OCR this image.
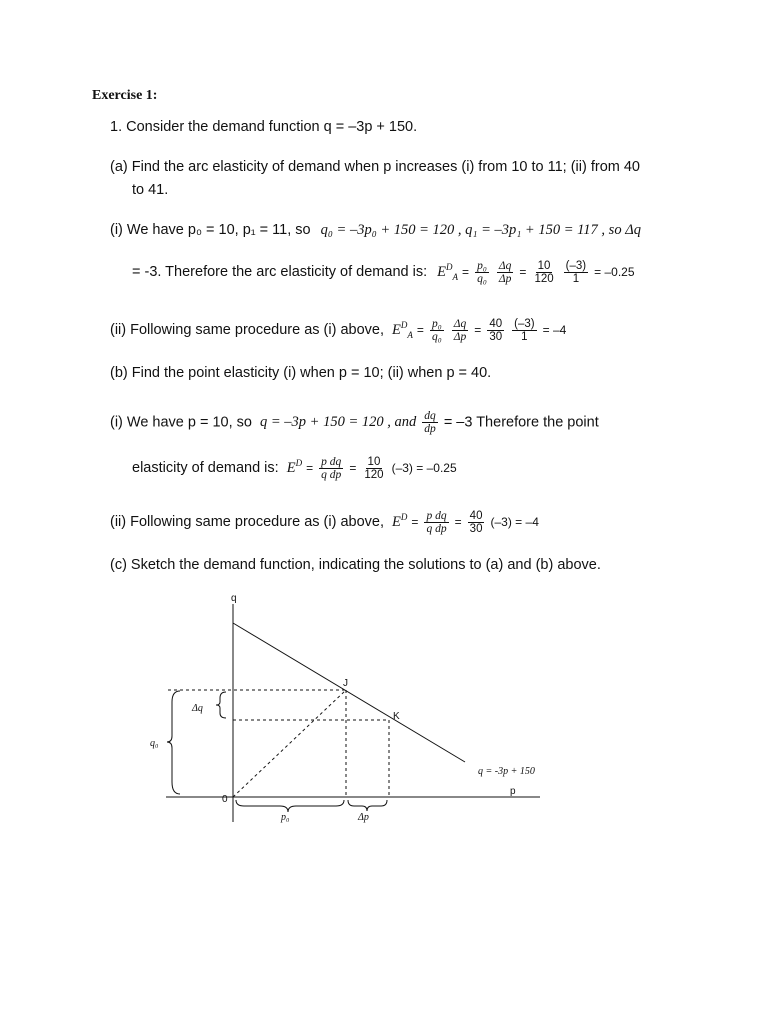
Exercise 1:
1. Consider the demand function q = –3p + 150.
(a) Find the arc elasticity of demand when p increases (i) from 10 to 11; (ii) from 40
to 41.
(i) We have p₀ = 10, p₁ = 11, so q₀ = –3p₀ + 150 = 120 , q₁ = –3p₁ + 150 = 117 , so Δq
= -3. Therefore the arc elasticity of demand is: $E^D_A = \frac{\text{p₀}}{\text{q₀}}$
$\frac{\Delta q}{\Delta p} = \frac{10}{120}$
$\frac{(-3)}{1} = -0.25$
(ii) Following same procedure as (i) above, $E^D_A = \frac{\text{p₀}}{\text{q₀}}$
$\frac{\Delta q}{\Delta p} = \frac{40}{30}$
$\frac{(-3)}{1} = -4$
(b) Find the point elasticity (i) when p = 10; (ii) when p = 40.
(i) We have p = 10, so q = –3p + 150 = 120 , and $\frac{dq}{dp} = -3$ Therefore the point
elasticity of demand is: $E^D = \frac{\text{p dq}}{\text{q dp}} = \frac{10}{120} (-3) = -0.25$
(ii) Following same procedure as (i) above, $E^D = \frac{\text{p dq}}{\text{q dp}} = \frac{40}{30} (-3) = -4$
(c) Sketch the demand function, indicating the solutions to (a) and (b) above.
q
p
0
q = -3p + 150
J
K
Δq
q₀
p₀	Δp
